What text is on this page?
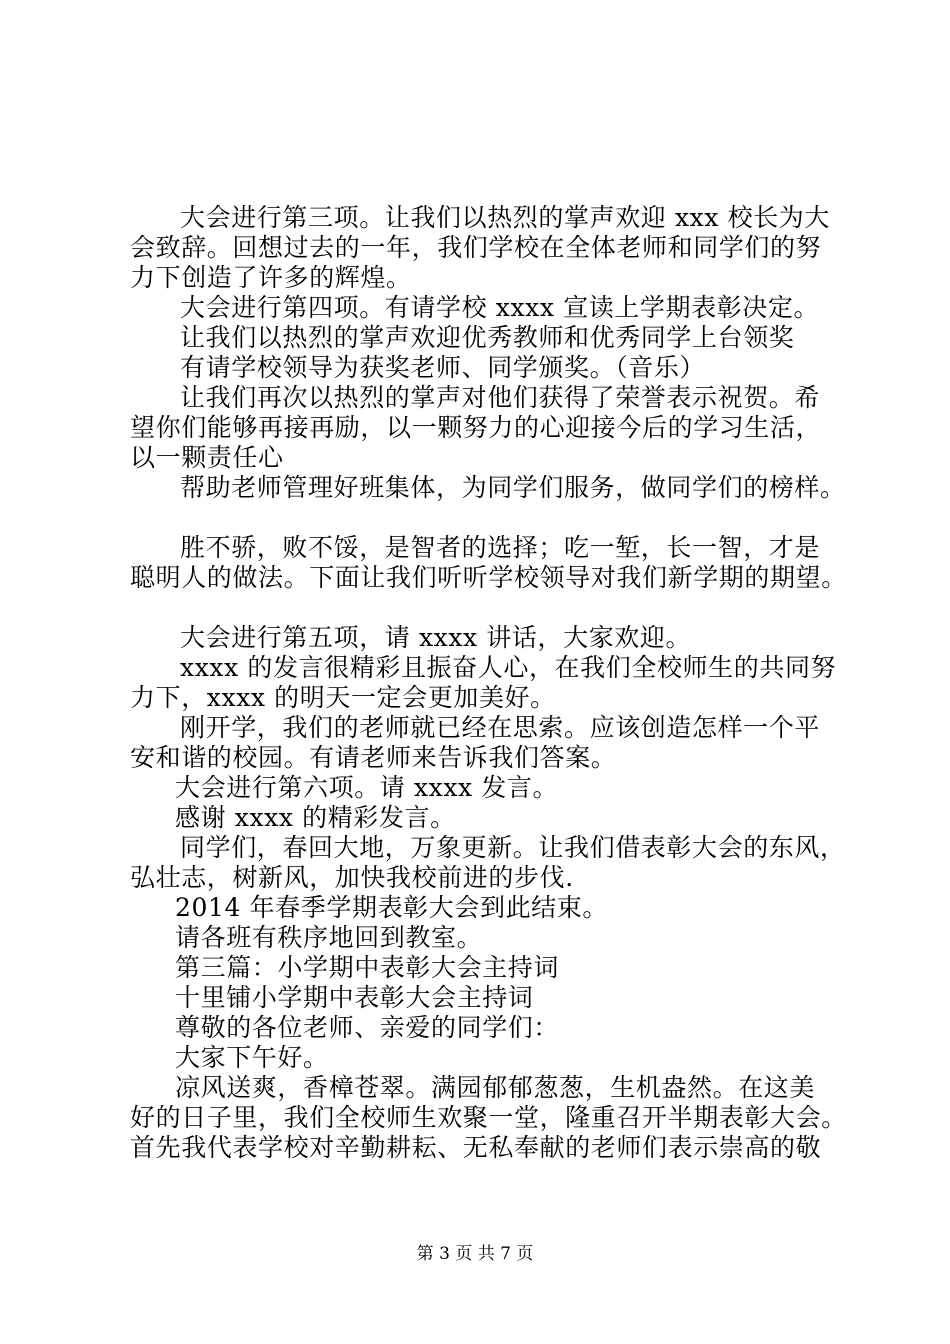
大会进行第三项。让我们以热烈的掌声欢迎 xxx 校长为大
会致辞。回想过去的一年，我们学校在全体老师和同学们的努
力下创造了许多的辉煌。
大会进行第四项。有请学校 xxxx 宣读上学期表彰决定。
让我们以热烈的掌声欢迎优秀教师和优秀同学上台领奖
有请学校领导为获奖老师、同学颁奖。（音乐）
让我们再次以热烈的掌声对他们获得了荣誉表示祝贺。希
望你们能够再接再励，以一颗努力的心迎接今后的学习生活，
以一颗责任心
帮助老师管理好班集体，为同学们服务，做同学们的榜样。
胜不骄，败不馁，是智者的选择；吃一堑，长一智，才是
聪明人的做法。下面让我们听听学校领导对我们新学期的期望。
大会进行第五项，请 xxxx 讲话，大家欢迎。
xxxx 的发言很精彩且振奋人心，在我们全校师生的共同努
力下，xxxx 的明天一定会更加美好。
刚开学，我们的老师就已经在思索。应该创造怎样一个平
安和谐的校园。有请老师来告诉我们答案。
大会进行第六项。请 xxxx 发言。
感谢 xxxx 的精彩发言。
同学们，春回大地，万象更新。让我们借表彰大会的东风，
弘壮志，树新风，加快我校前进的步伐.
2014 年春季学期表彰大会到此结束。
请各班有秩序地回到教室。
第三篇：小学期中表彰大会主持词
十里铺小学期中表彰大会主持词
尊敬的各位老师、亲爱的同学们：
大家下午好。
凉风送爽，香樟苍翠。满园郁郁葱葱，生机盎然。在这美
好的日子里，我们全校师生欢聚一堂，隆重召开半期表彰大会。
首先我代表学校对辛勤耕耘、无私奉献的老师们表示崇高的敬
第 3 页 共 7 页
